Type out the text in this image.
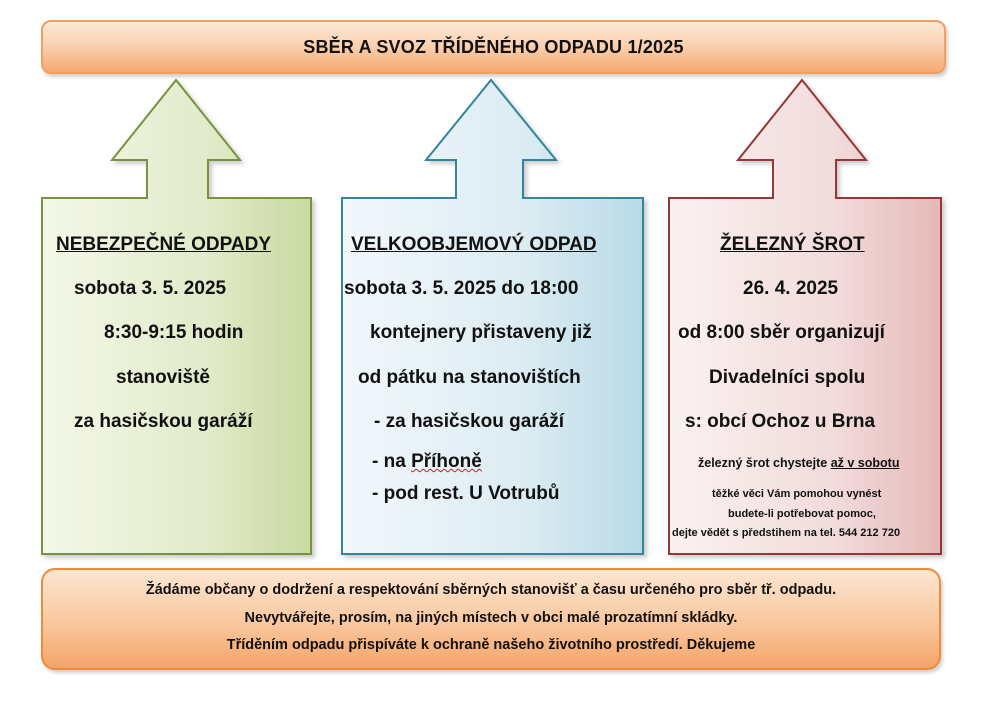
SBĚR A SVOZ TŘÍDĚNÉHO ODPADU 1/2025
NEBEZPEČNÉ ODPADY
sobota 3. 5. 2025
8:30-9:15 hodin
stanoviště
za hasičskou garáží
VELKOOBJEMOVÝ ODPAD
sobota 3. 5. 2025 do 18:00
kontejnery přistaveny již
od pátku na stanovištích
- za hasičskou garáží
- na Příhoně
- pod rest. U Votrubů
ŽELEZNÝ ŠROT
26. 4. 2025
od 8:00 sběr organizují
Divadelníci spolu
s: obcí Ochoz u Brna
železný šrot chystejte až v sobotu
těžké věci Vám pomohou vynést
budete-li potřebovat pomoc,
dejte vědět s předstihem na tel. 544 212 720
Žádáme občany o dodržení a respektování sběrných stanovišť a času určeného pro sběr tř. odpadu.
Nevytvářejte, prosím, na jiných místech v obci malé prozatímní skládky.
Tříděním odpadu přispíváte k ochraně našeho životního prostředí. Děkujeme
